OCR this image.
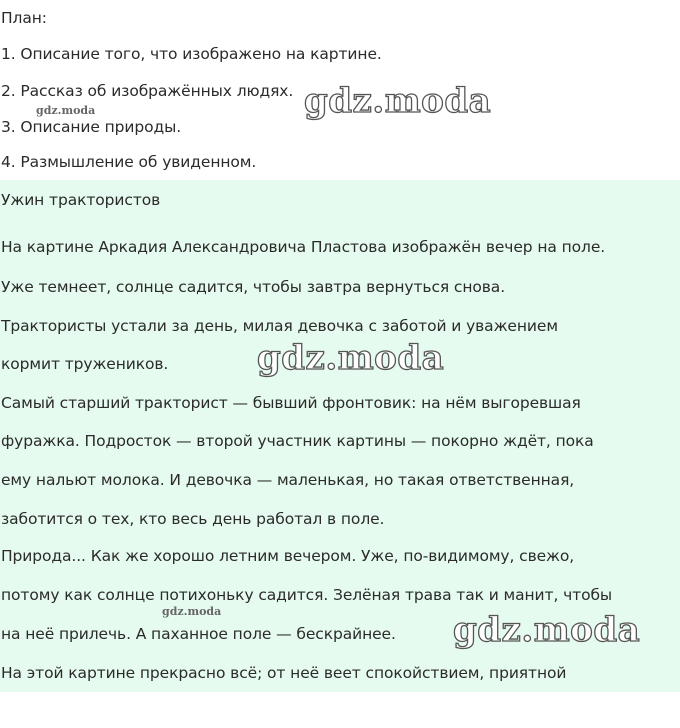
План:
1. Описание того, что изображено на картине.
2. Рассказ об изображённых людях.
3. Описание природы.
4. Размышление об увиденном.
Ужин трактористов
На картине Аркадия Александровича Пластова изображён вечер на поле.
Уже темнеет, солнце садится, чтобы завтра вернуться снова.
Трактористы устали за день, милая девочка с заботой и уважением
кормит тружеников.
Самый старший тракторист — бывший фронтовик: на нём выгоревшая
фуражка. Подросток — второй участник картины — покорно ждёт, пока
ему нальют молока. И девочка — маленькая, но такая ответственная,
заботится о тех, кто весь день работал в поле.
Природа... Как же хорошо летним вечером. Уже, по-видимому, свежо,
потому как солнце потихоньку садится. Зелёная трава так и манит, чтобы
на неё прилечь. А паханное поле — бескрайнее.
На этой картине прекрасно всё; от неё веет спокойствием, приятной
gdz.moda
gdz.moda
gdz.moda
gdz.moda	gdz.moda
